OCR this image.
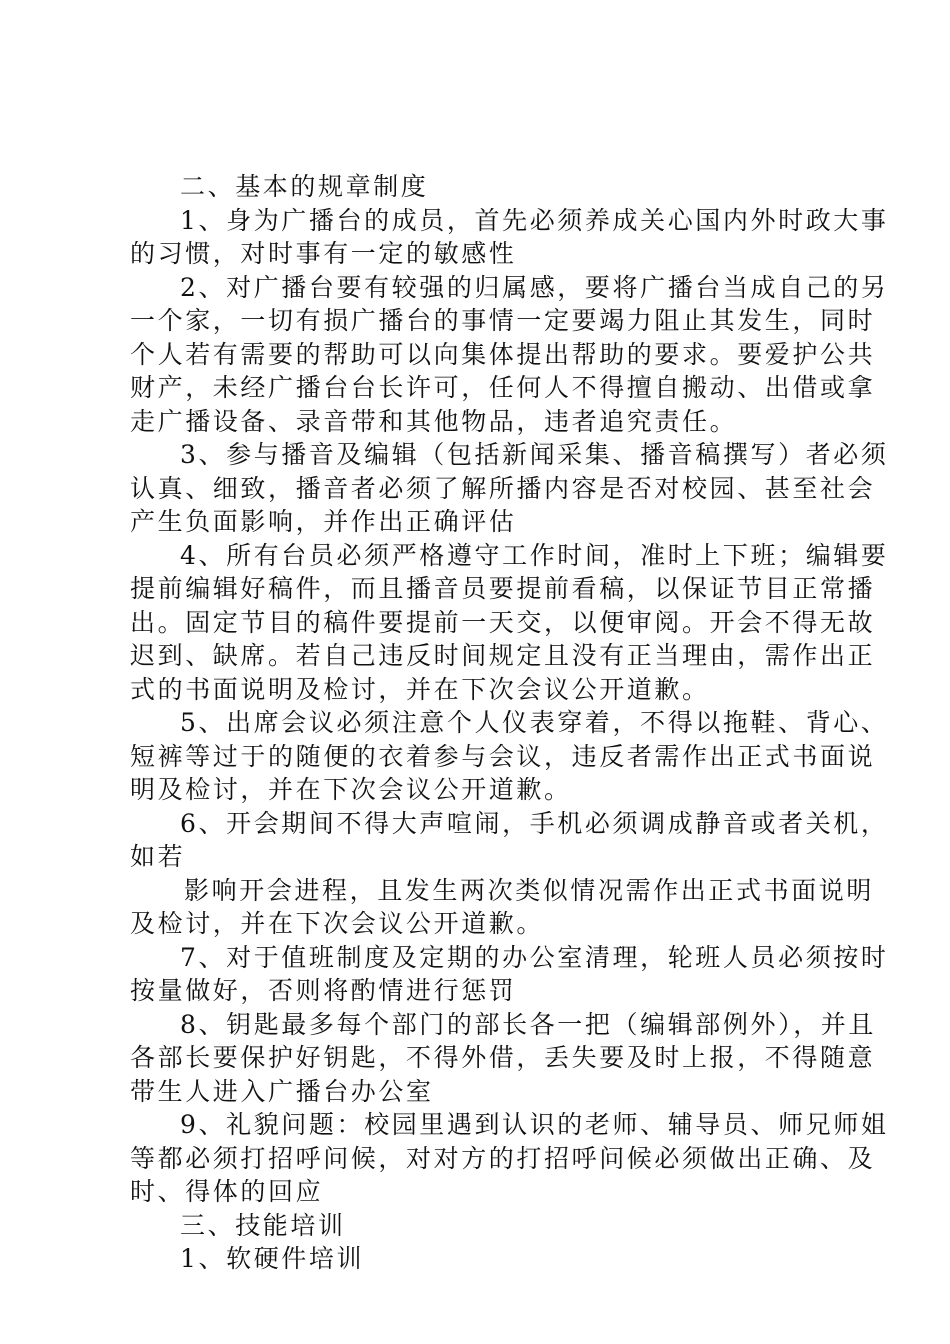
二、基本的规章制度
1、身为广播台的成员，首先必须养成关心国内外时政大事
的习惯，对时事有一定的敏感性
2、对广播台要有较强的归属感，要将广播台当成自己的另
一个家，一切有损广播台的事情一定要竭力阻止其发生，同时
个人若有需要的帮助可以向集体提出帮助的要求。要爱护公共
财产，未经广播台台长许可，任何人不得擅自搬动、出借或拿
走广播设备、录音带和其他物品，违者追究责任。
3、参与播音及编辑（包括新闻采集、播音稿撰写）者必须
认真、细致，播音者必须了解所播内容是否对校园、甚至社会
产生负面影响，并作出正确评估
4、所有台员必须严格遵守工作时间，准时上下班；编辑要
提前编辑好稿件，而且播音员要提前看稿，以保证节目正常播
出。固定节目的稿件要提前一天交，以便审阅。开会不得无故
迟到、缺席。若自己违反时间规定且没有正当理由，需作出正
式的书面说明及检讨，并在下次会议公开道歉。
5、出席会议必须注意个人仪表穿着，不得以拖鞋、背心、
短裤等过于的随便的衣着参与会议，违反者需作出正式书面说
明及检讨，并在下次会议公开道歉。
6、开会期间不得大声喧闹，手机必须调成静音或者关机，
如若
影响开会进程，且发生两次类似情况需作出正式书面说明
及检讨，并在下次会议公开道歉。
7、对于值班制度及定期的办公室清理，轮班人员必须按时
按量做好，否则将酌情进行惩罚
8、钥匙最多每个部门的部长各一把（编辑部例外），并且
各部长要保护好钥匙，不得外借，丢失要及时上报，不得随意
带生人进入广播台办公室
9、礼貌问题：校园里遇到认识的老师、辅导员、师兄师姐
等都必须打招呼问候，对对方的打招呼问候必须做出正确、及
时、得体的回应
三、技能培训
1、软硬件培训
